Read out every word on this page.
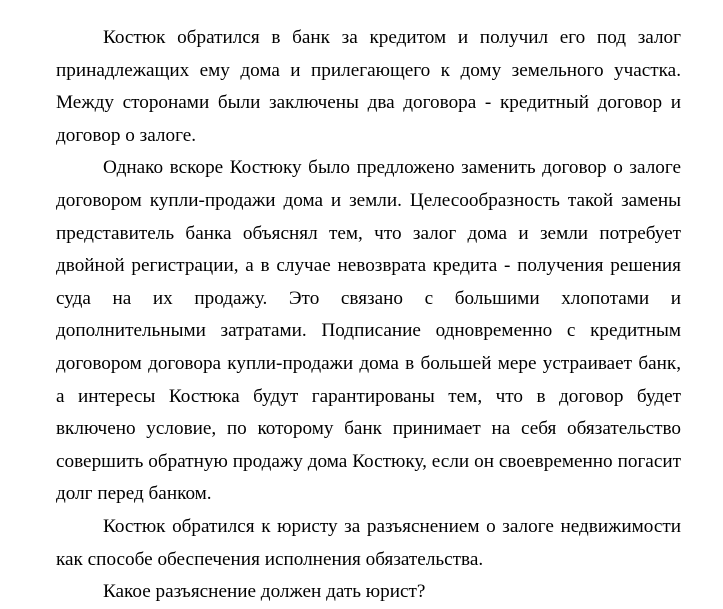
Костюк обратился в банк за кредитом и получил его под залог принадлежащих ему дома и прилегающего к дому земельного участка. Между сторонами были заключены два договора - кредитный договор и договор о залоге.

Однако вскоре Костюку было предложено заменить договор о залоге договором купли-продажи дома и земли. Целесообразность такой замены представитель банка объяснял тем, что залог дома и земли потребует двойной регистрации, а в случае невозврата кредита - получения решения суда на их продажу. Это связано с большими хлопотами и дополнительными затратами. Подписание одновременно с кредитным договором договора купли-продажи дома в большей мере устраивает банк, а интересы Костюка будут гарантированы тем, что в договор будет включено условие, по которому банк принимает на себя обязательство совершить обратную продажу дома Костюку, если он своевременно погасит долг перед банком.

Костюк обратился к юристу за разъяснением о залоге недвижимости как способе обеспечения исполнения обязательства.

Какое разъяснение должен дать юрист?
